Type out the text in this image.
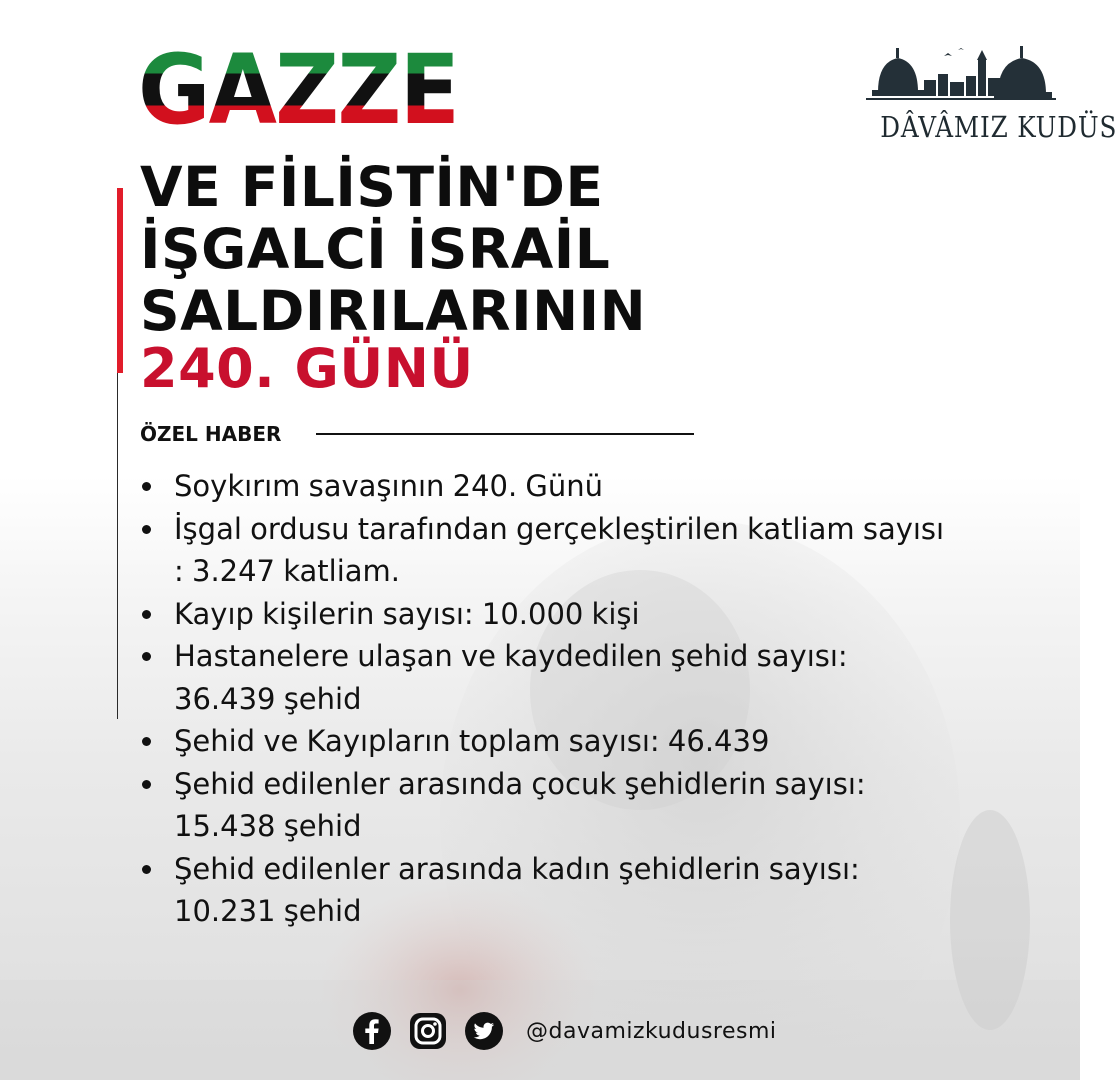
GAZZE
VE FİLİSTİN'DE
İŞGALCİ İSRAİL
SALDIRILARININ
240. GÜNÜ
ÖZEL HABER
Soykırım savaşının 240. Günü
İşgal ordusu tarafından gerçekleştirilen katliam sayısı : 3.247 katliam.
Kayıp kişilerin sayısı: 10.000 kişi
Hastanelere ulaşan ve kaydedilen şehid sayısı: 36.439 şehid
Şehid ve Kayıpların toplam sayısı: 46.439
Şehid edilenler arasında çocuk şehidlerin sayısı: 15.438 şehid
Şehid edilenler arasında kadın şehidlerin sayısı: 10.231 şehid
DÂVÂMIZ KUDÜS
@davamizkudusresmi
